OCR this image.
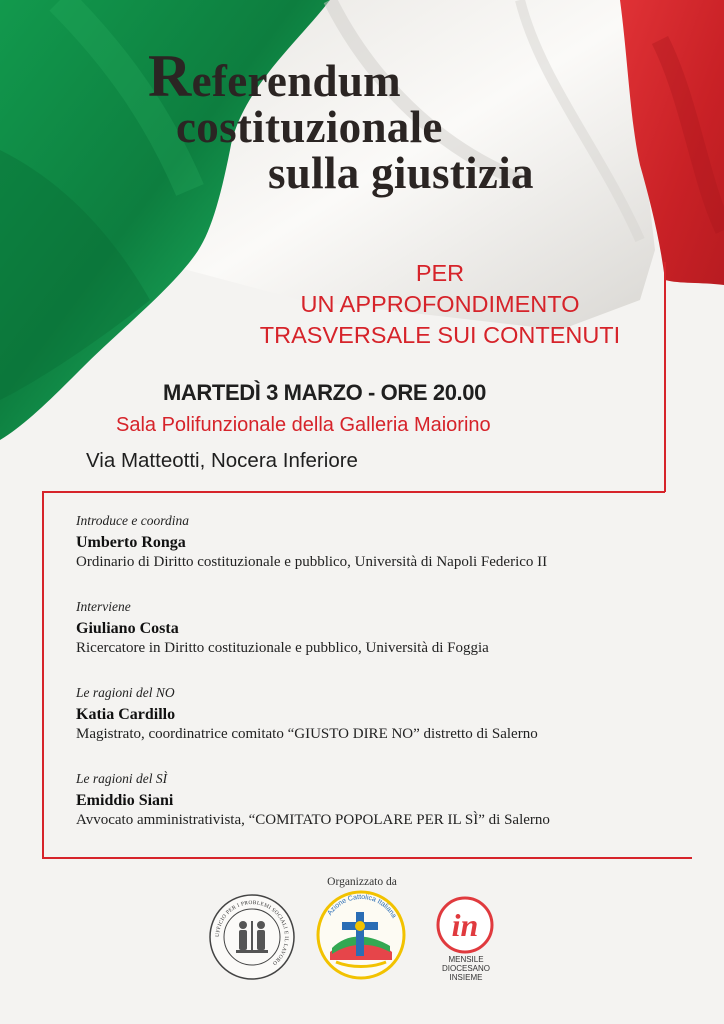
Referendum
costituzionale
sulla giustizia
PER
UN APPROFONDIMENTO
TRASVERSALE SUI CONTENUTI
MARTEDÌ 3 MARZO - ORE 20.00
Sala Polifunzionale della Galleria Maiorino
Via Matteotti, Nocera Inferiore
Introduce e coordina
Umberto Ronga
Ordinario di Diritto costituzionale e pubblico, Università di Napoli Federico II
Interviene
Giuliano Costa
Ricercatore in Diritto costituzionale e pubblico, Università di Foggia
Le ragioni del NO
Katia Cardillo
Magistrato, coordinatrice comitato “GIUSTO DIRE NO” distretto di Salerno
Le ragioni del SÌ
Emiddio Siani
Avvocato amministrativista, “COMITATO POPOLARE PER IL SÌ” di Salerno
Organizzato da
UFFICIO PER I PROBLEMI SOCIALI E IL LAVORO
Azione Cattolica Italiana in
MENSILE DIOCESANO
INSIEME
